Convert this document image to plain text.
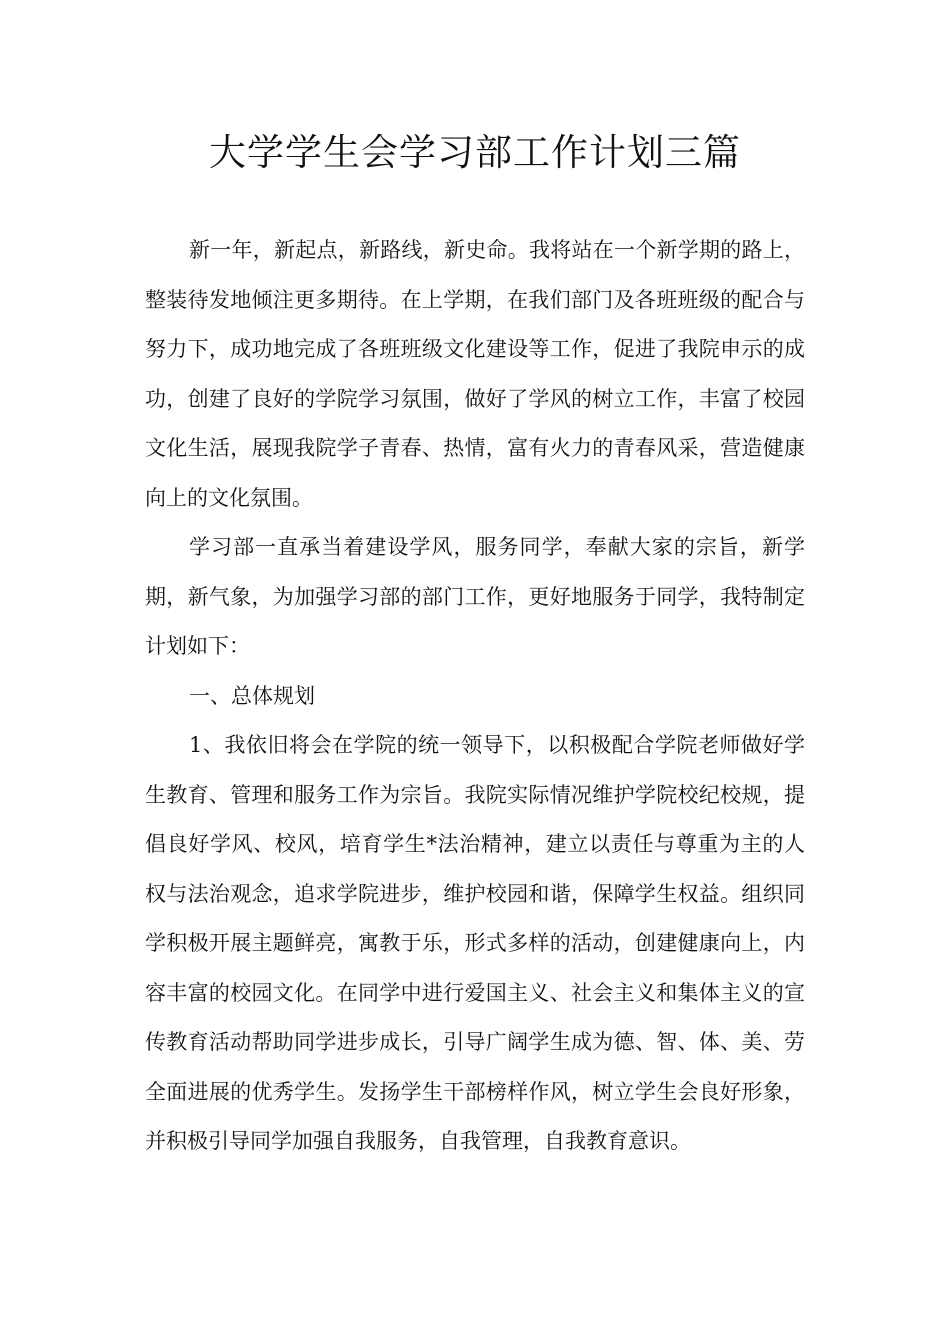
大学学生会学习部工作计划三篇

新一年，新起点，新路线，新史命。我将站在一个新学期的路上，整装待发地倾注更多期待。在上学期，在我们部门及各班班级的配合与努力下，成功地完成了各班班级文化建设等工作，促进了我院申示的成功，创建了良好的学院学习氛围，做好了学风的树立工作，丰富了校园文化生活，展现我院学子青春、热情，富有火力的青春风采，营造健康向上的文化氛围。

学习部一直承当着建设学风，服务同学，奉献大家的宗旨，新学期，新气象，为加强学习部的部门工作，更好地服务于同学，我特制定计划如下：

一、总体规划

1、我依旧将会在学院的统一领导下，以积极配合学院老师做好学生教育、管理和服务工作为宗旨。我院实际情况维护学院校纪校规，提倡良好学风、校风，培育学生*法治精神，建立以责任与尊重为主的人权与法治观念，追求学院进步，维护校园和谐，保障学生权益。组织同学积极开展主题鲜亮，寓教于乐，形式多样的活动，创建健康向上，内容丰富的校园文化。在同学中进行爱国主义、社会主义和集体主义的宣传教育活动帮助同学进步成长，引导广阔学生成为德、智、体、美、劳全面进展的优秀学生。发扬学生干部榜样作风，树立学生会良好形象，并积极引导同学加强自我服务，自我管理，自我教育意识。
